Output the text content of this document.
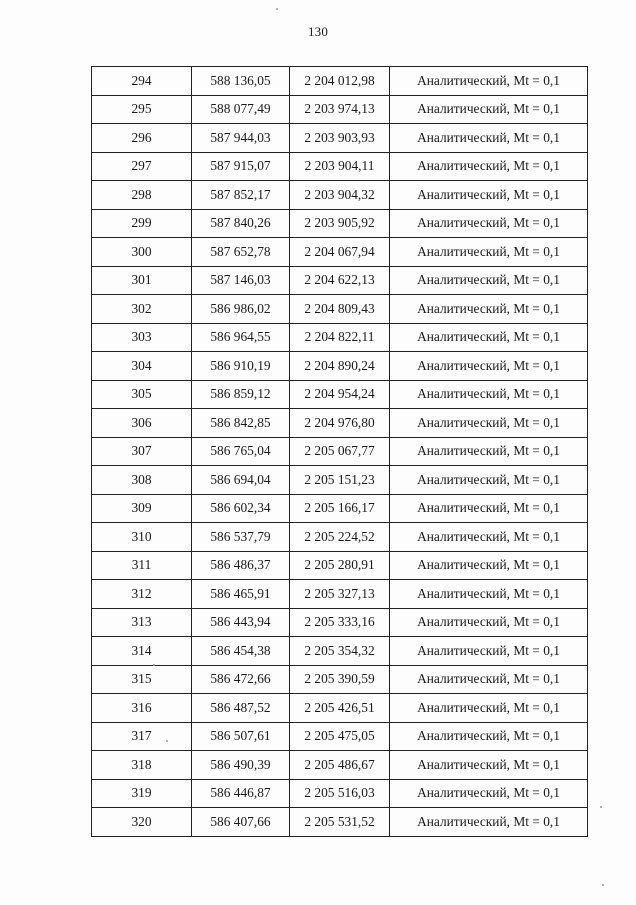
130
294	588 136,05	2 204 012,98	Аналитический, Mt = 0,1
295	588 077,49	2 203 974,13	Аналитический, Mt = 0,1
296	587 944,03	2 203 903,93	Аналитический, Mt = 0,1
297	587 915,07	2 203 904,11	Аналитический, Mt = 0,1
298	587 852,17	2 203 904,32	Аналитический, Mt = 0,1
299	587 840,26	2 203 905,92	Аналитический, Mt = 0,1
300	587 652,78	2 204 067,94	Аналитический, Mt = 0,1
301	587 146,03	2 204 622,13	Аналитический, Mt = 0,1
302	586 986,02	2 204 809,43	Аналитический, Mt = 0,1
303	586 964,55	2 204 822,11	Аналитический, Mt = 0,1
304	586 910,19	2 204 890,24	Аналитический, Mt = 0,1
305	586 859,12	2 204 954,24	Аналитический, Mt = 0,1
306	586 842,85	2 204 976,80	Аналитический, Mt = 0,1
307	586 765,04	2 205 067,77	Аналитический, Mt = 0,1
308	586 694,04	2 205 151,23	Аналитический, Mt = 0,1
309	586 602,34	2 205 166,17	Аналитический, Mt = 0,1
310	586 537,79	2 205 224,52	Аналитический, Mt = 0,1
311	586 486,37	2 205 280,91	Аналитический, Mt = 0,1
312	586 465,91	2 205 327,13	Аналитический, Mt = 0,1
313	586 443,94	2 205 333,16	Аналитический, Mt = 0,1
314	586 454,38	2 205 354,32	Аналитический, Mt = 0,1
315	586 472,66	2 205 390,59	Аналитический, Mt = 0,1
316	586 487,52	2 205 426,51	Аналитический, Mt = 0,1
317	586 507,61	2 205 475,05	Аналитический, Mt = 0,1
318	586 490,39	2 205 486,67	Аналитический, Mt = 0,1
319	586 446,87	2 205 516,03	Аналитический, Mt = 0,1
320	586 407,66	2 205 531,52	Аналитический, Mt = 0,1
